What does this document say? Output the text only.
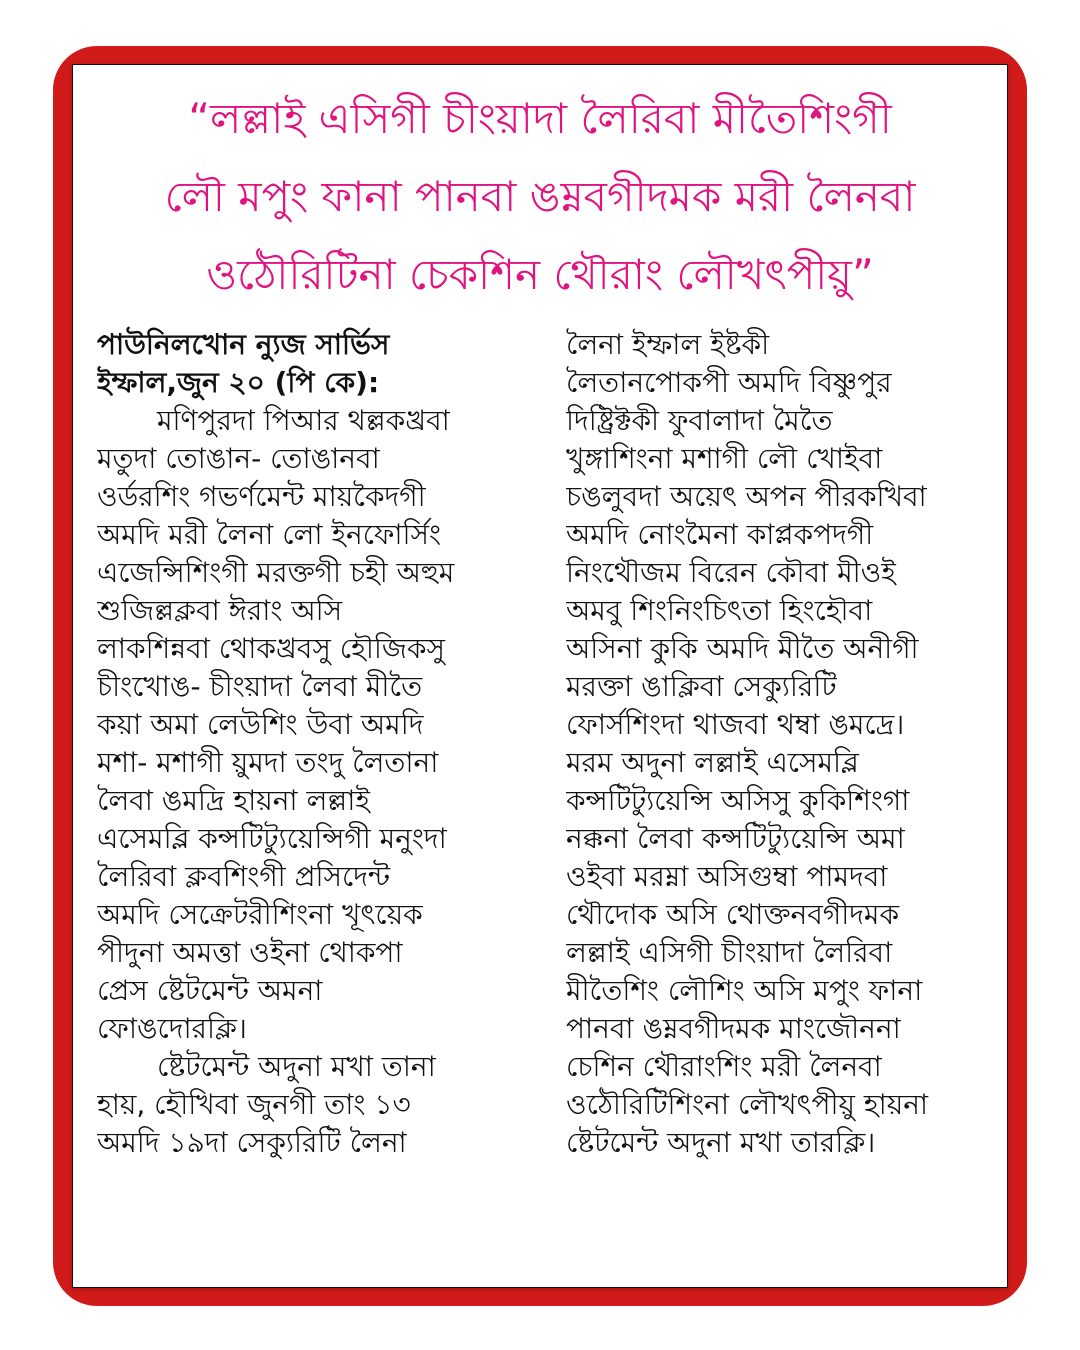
“লল্লাই এসিগী চীংয়াদা লৈরিবা মীতৈশিংগী
লৌ মপুং ফানা পানবা ঙম্নবগীদমক মরী লৈনবা
ওঠৌরিটিনা চেকশিন থৌরাং লৌখৎপীয়ু”
পাউনিলখোন ন্যুজ সার্ভিস
ইম্ফাল,জুন ২০ (পি কে):
মণিপুরদা পিআর থল্লকখ্রবা
মতুদা তোঙান- তোঙানবা
ওর্ডরশিং গভর্ণমেন্ট মায়কৈদগী
অমদি মরী লৈনা লো ইনফোর্সিং
এজেন্সিশিংগী মরক্তগী চহী অহুম
শুজিল্লক্লবা ঈরাং অসি
লাকশিন্নবা থোকখ্রবসু হৌজিকসু
চীংখোঙ- চীংয়াদা লৈবা মীতৈ
কয়া অমা লেউশিং উবা অমদি
মশা- মশাগী য়ুমদা তংদু লৈতানা
লৈবা ঙমদ্রি হায়না লল্লাই
এসেমব্লি কন্সটিট্যুয়েন্সিগী মনুংদা
লৈরিবা ক্লবশিংগী প্রসিদেন্ট
অমদি সেক্রেটরীশিংনা খূৎয়েক
পীদুনা অমত্তা ওইনা থোকপা
প্রেস ষ্টেটমেন্ট অমনা
ফোঙদোরক্লি।
ষ্টেটমেন্ট অদুনা মখা তানা
হায়, হৌখিবা জুনগী তাং ১৩
অমদি ১৯দা সেক্যুরিটি লৈনা
লৈনা ইম্ফাল ইষ্টকী
লৈতানপোকপী অমদি বিষ্ণুপুর
দিষ্ট্রিক্টকী ফুবালাদা মৈতৈ
খুঙ্গাশিংনা মশাগী লৌ খোইবা
চঙলুবদা অয়েৎ অপন পীরকখিবা
অমদি নোংমৈনা কাপ্লকপদগী
নিংথৌজম বিরেন কৌবা মীওই
অমবু শিংনিংচিৎতা হিংহৌবা
অসিনা কুকি অমদি মীতৈ অনীগী
মরক্তা ঙাক্লিবা সেক্যুরিটি
ফোর্সশিংদা থাজবা থম্বা ঙমদ্রে।
মরম অদুনা লল্লাই এসেমব্লি
কন্সটিট্যুয়েন্সি অসিসু কুকিশিংগা
নক্কনা লৈবা কন্সটিট্যুয়েন্সি অমা
ওইবা মরম্না অসিগুম্বা পামদবা
থৌদোক অসি থোক্তনবগীদমক
লল্লাই এসিগী চীংয়াদা লৈরিবা
মীতৈশিং লৌশিং অসি মপুং ফানা
পানবা ঙম্নবগীদমক মাংজৌননা
চেশিন থৌরাংশিং মরী লৈনবা
ওঠৌরিটিশিংনা লৌখৎপীয়ু হায়না
ষ্টেটমেন্ট অদুনা মখা তারক্লি।
